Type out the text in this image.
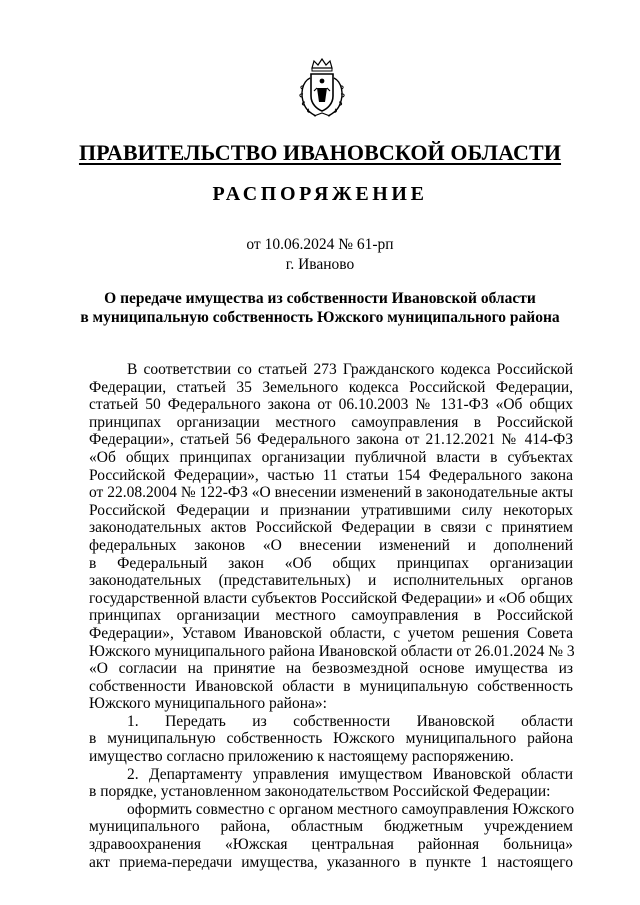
ПРАВИТЕЛЬСТВО ИВАНОВСКОЙ ОБЛАСТИ
РАСПОРЯЖЕНИЕ
от 10.06.2024 № 61-рп
г. Иваново
О передаче имущества из собственности Ивановской области
в муниципальную собственность Южского муниципального района
В соответствии со статьей 273 Гражданского кодекса Российской
Федерации, статьей 35 Земельного кодекса Российской Федерации,
статьей 50 Федерального закона от 06.10.2003 № 131-ФЗ «Об общих
принципах организации местного самоуправления в Российской
Федерации», статьей 56 Федерального закона от 21.12.2021 № 414-ФЗ
«Об общих принципах организации публичной власти в субъектах
Российской Федерации», частью 11 статьи 154 Федерального закона
от 22.08.2004 № 122-ФЗ «О внесении изменений в законодательные акты
Российской Федерации и признании утратившими силу некоторых
законодательных актов Российской Федерации в связи с принятием
федеральных законов «О внесении изменений и дополнений
в Федеральный закон «Об общих принципах организации
законодательных (представительных) и исполнительных органов
государственной власти субъектов Российской Федерации» и «Об общих
принципах организации местного самоуправления в Российской
Федерации», Уставом Ивановской области, с учетом решения Совета
Южского муниципального района Ивановской области от 26.01.2024 № 3
«О согласии на принятие на безвозмездной основе имущества из
собственности Ивановской области в муниципальную собственность
Южского муниципального района»:
1. Передать из собственности Ивановской области
в муниципальную собственность Южского муниципального района
имущество согласно приложению к настоящему распоряжению.
2. Департаменту управления имуществом Ивановской области
в порядке, установленном законодательством Российской Федерации:
оформить совместно с органом местного самоуправления Южского
муниципального района, областным бюджетным учреждением
здравоохранения «Южская центральная районная больница»
акт приема-передачи имущества, указанного в пункте 1 настоящего
